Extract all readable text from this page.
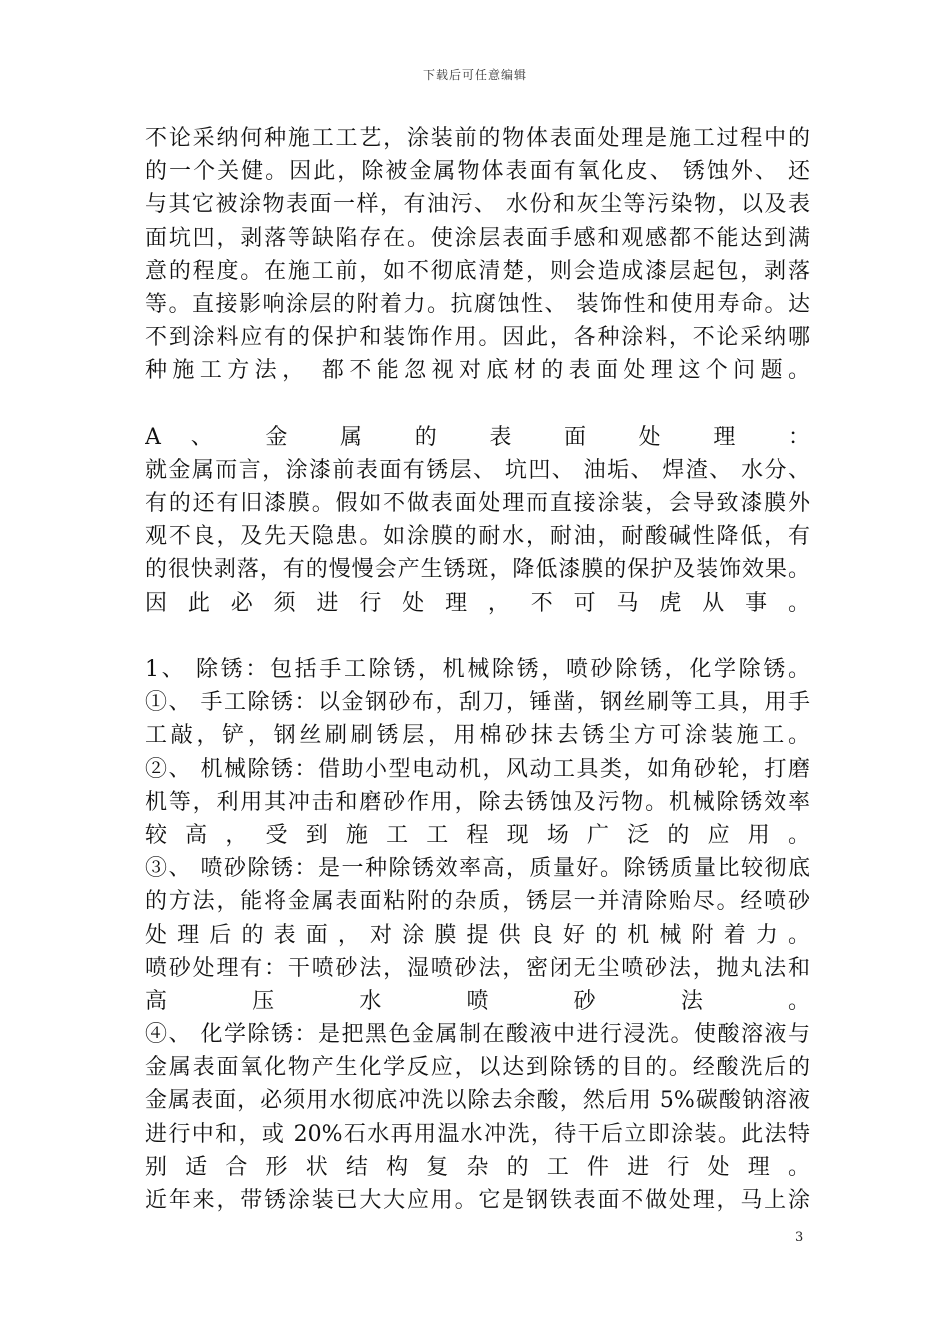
下载后可任意编辑
不论采纳何种施工工艺，涂装前的物体表面处理是施工过程中的
的一个关健。因此，除被金属物体表面有氧化皮、 锈蚀外、 还
与其它被涂物表面一样，有油污、 水份和灰尘等污染物，以及表
面坑凹，剥落等缺陷存在。使涂层表面手感和观感都不能达到满
意的程度。在施工前，如不彻底清楚，则会造成漆层起包，剥落
等。直接影响涂层的附着力。抗腐蚀性、 装饰性和使用寿命。达
不到涂料应有的保护和装饰作用。因此，各种涂料，不论采纳哪
种施工方法， 都不能忽视对底材的表面处理这个问题。
A 、 金 属 的 表 面 处 理 ：
就金属而言，涂漆前表面有锈层、 坑凹、 油垢、 焊渣、 水分、
有的还有旧漆膜。假如不做表面处理而直接涂装，会导致漆膜外
观不良，及先天隐患。如涂膜的耐水，耐油，耐酸碱性降低，有
的很快剥落，有的慢慢会产生锈斑，降低漆膜的保护及装饰效果。
因 此 必 须 进 行 处 理 ， 不 可 马 虎 从 事 。
1、 除锈：包括手工除锈，机械除锈，喷砂除锈，化学除锈。
①、 手工除锈：以金钢砂布，刮刀，锤凿，钢丝刷等工具，用手
工敲，铲，钢丝刷刷锈层，用棉砂抹去锈尘方可涂装施工。
②、 机械除锈：借助小型电动机，风动工具类，如角砂轮，打磨
机等，利用其冲击和磨砂作用，除去锈蚀及污物。机械除锈效率
较 高 ， 受 到 施 工 工 程 现 场 广 泛 的 应 用 。
③、 喷砂除锈：是一种除锈效率高，质量好。除锈质量比较彻底
的方法，能将金属表面粘附的杂质，锈层一并清除贻尽。经喷砂
处 理 后 的 表 面 ， 对 涂 膜 提 供 良 好 的 机 械 附 着 力 。
喷砂处理有：干喷砂法，湿喷砂法，密闭无尘喷砂法，抛丸法和
高 压 水 喷 砂 法 。
④、 化学除锈：是把黑色金属制在酸液中进行浸洗。使酸溶液与
金属表面氧化物产生化学反应，以达到除锈的目的。经酸洗后的
金属表面，必须用水彻底冲洗以除去余酸，然后用 5%碳酸钠溶液
进行中和，或 20%石水再用温水冲洗，待干后立即涂装。此法特
别 适 合 形 状 结 构 复 杂 的 工 件 进 行 处 理 。
近年来，带锈涂装已大大应用。它是钢铁表面不做处理，马上涂
3
